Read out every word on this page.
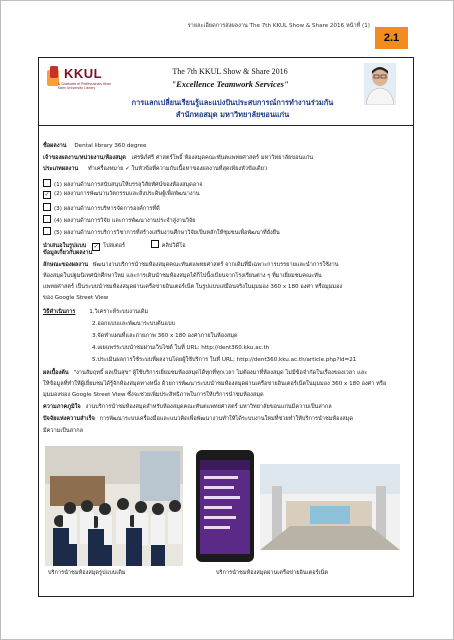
รายละเอียดการส่งผลงาน The 7th KKUL Show & Share 2016 หน้าที่ (1)
2.1
KKUL
A Graduate of Professionals Khon Kaen University Library
The 7th KKUL Show & Share 2016
"Excellence Teamwork Services"
การแลกเปลี่ยนเรียนรู้และแบ่งปันประสบการณ์การทำงานร่วมกัน
สำนักหอสมุด มหาวิทยาลัยขอนแก่น
ชื่อผลงาน Dental library 360 degree
เจ้าของผลงาน/หน่วยงาน/ห้องสมุด เศรษิภ์ศรี ศาสตร์โพธิ์ ห้องสมุดคณะทันตแพทยศาสตร์ มหาวิทยาลัยขอนแก่น
ประเภทผลงาน ทำเครื่องหมาย ✓ ในหัวข้อที่ความกับเนื้อหาของผลงานที่สุดเพียงหัวข้อเดียว
(1) ผลงานด้านการสนับสนุนให้บรรลุวิสัยทัศน์ของห้องสมุดอาจ
✓ (2) ผลงานการพัฒนานวัตกรรมและสิ่งประดิษฐ์เพื่อพัฒนางาน
(3) ผลงานด้านการบริหารจัดการองค์การที่ดี
(4) ผลงานด้านการวิจัย และการพัฒนางานประจำสู่งานวิจัย
(5) ผลงานด้านการบริการวิชาการที่สร้างเสริมงานศึกษาวิจัยเป็นหลักให้ชุมชนเพื่อพัฒนาที่ยั่งยืน
นำเสนอในรูปแบบ ✓ โปสเตอร์	คลิปวิดีโอ
ข้อมูลเกี่ยวกับผลงาน
ลักษณะของผลงาน พัฒนางานบริการนำชมห้องสมุดคณะทันตแพทยศาสตร์ จากเดิมที่มีเฉพาะการบรรยายและนำการใช้งาน
ห้องสมุดในปฐมนิเทศนักศึกษาใหม่ และการเดินนำชมห้องสมุดได้ก็ไปนี้งเบียนจากโรงเรียนต่าง ๆ ที่มาเยี่ยมชมคณะทัน
แพทยศาสตร์ เป็นระบบนำชมห้องสมุดผ่านเครือข่ายอินเตอร์เน็ต ในรูปแบบเสมือนจริงในมุมมอง 360 x 180 องศา หรือมุมมอง
ของ Google Street View
วิธีดำเนินการ 1.วิเคราะห์ระบบงานเดิม
2.ออกแบบและพัฒนาระบบต้นแบบ
3.จัดทำแผนที่และถ่ายภาพ 360 x 180 องศาภายในห้องสมุด
4.เผยแพร่ระบบนำชมผ่านเว็บไซต์ ในที่ URL: http://dent360.kku.ac.th
5.ประเมินผลการใช้ระบบที่ผลงานโดยผู้ใช้บริการ ในที่ URL: http://dent360.kku.ac.th/article.php?id=21
ผลเบื้องต้น "งานสัมฤทธิ์ ผลเป็นสุข" ผู้ใช้บริการเยี่ยมชมห้องสมุดได้ทุกที่ทุกเวลา ไม่ต้องมาที่ห้องสมุด ไม่มีข้อจำกัดในเรื่องของเวลา และ
ให้ข้อมูลที่ทำให้ผู้เยี่ยมชมได้รู้จักห้องสมุดทางหนึ่ง ด้วยการพัฒนาระบบนำชมห้องสมุดผ่านเครือข่ายอินเตอร์เน็ตในมุมมอง 360 x 180 องศา หรือ
มุมมองของ Google Street View ซึ่งจะช่วยเพิ่มประสิทธิภาพในการให้บริการนำชมห้องสมุด
ความภาคภูมิใจ งานบริการนำชมห้องสมุดสำหรับห้องสมุดคณะทันตแพทยศาสตร์ มหาวิทยาลัยขอนแก่นมีความเป็นสากล
ปัจจัยแห่งความสำเร็จ การพัฒนาระบบเครื่องมือและแนวคิดเพื่อพัฒนางานทำให้ได้ระบบงานใหม่ที่ช่วยทำให้บริการนำชมห้องสมุด
มีความเป็นสากล
บริการนำชมห้องสมุดรูปแบบเดิม	บริการนำชมห้องสมุดผ่านเครือข่ายอินเตอร์เน็ต
